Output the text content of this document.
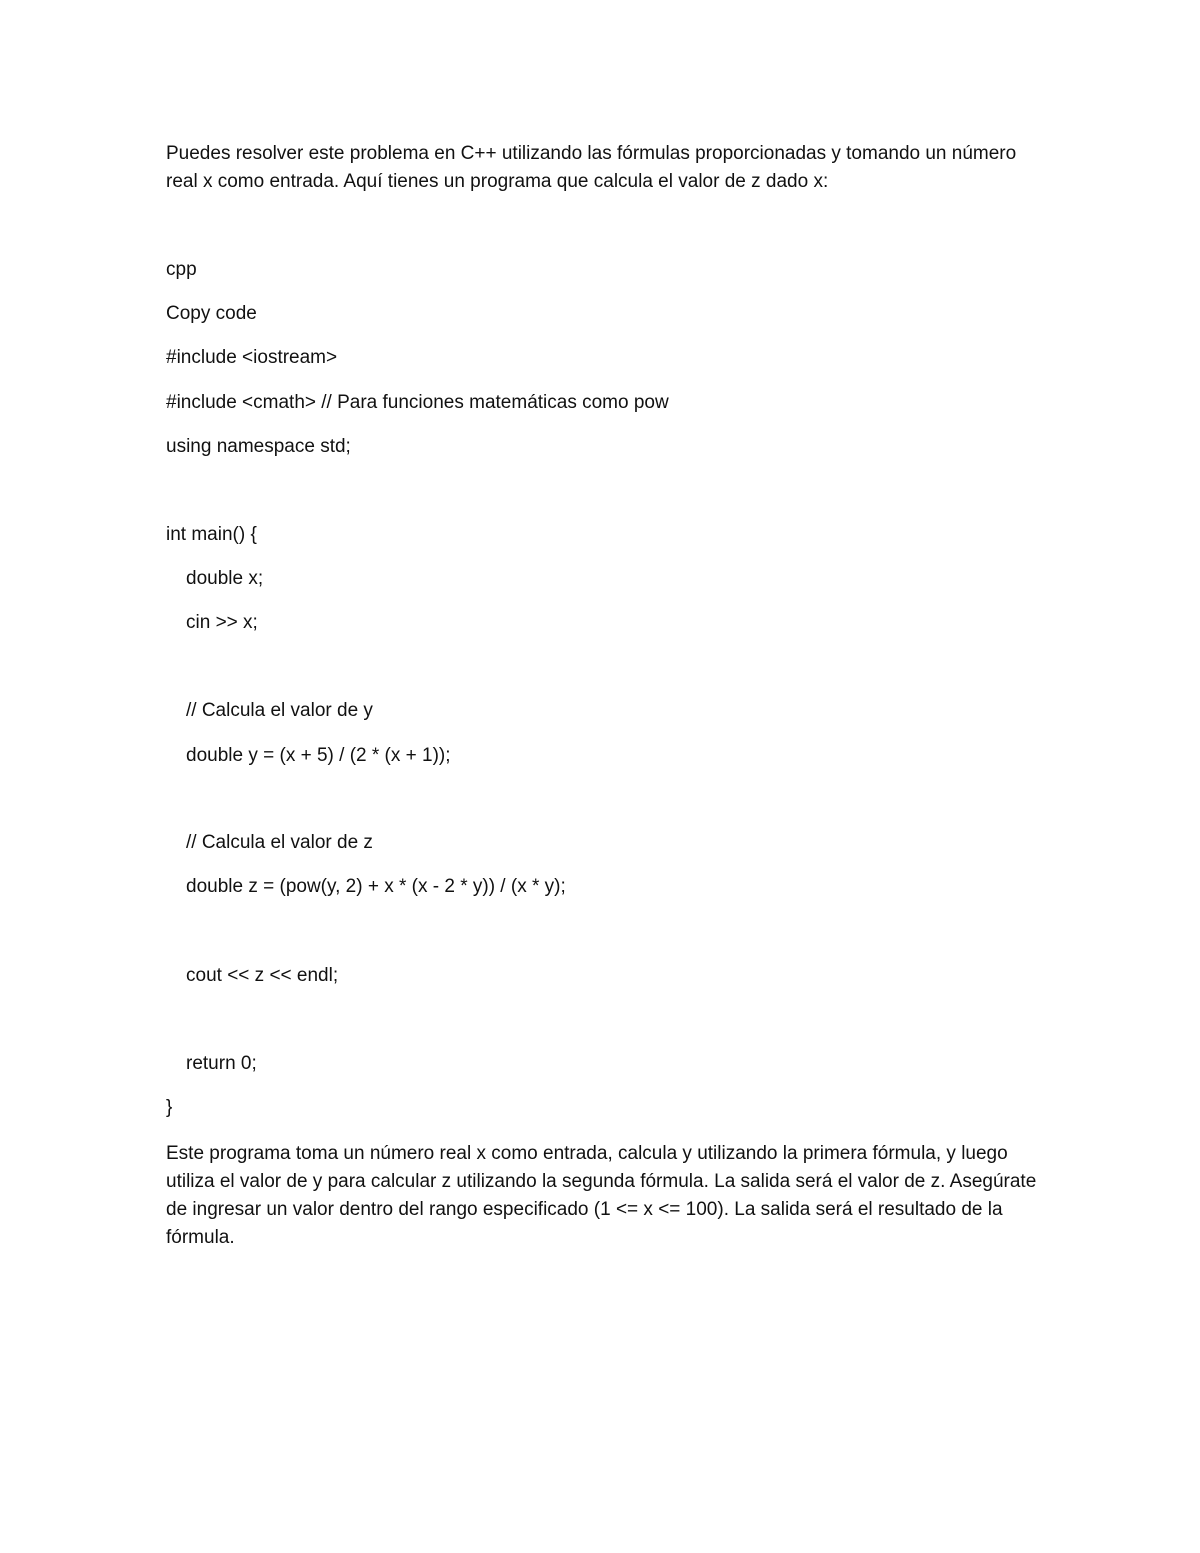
Puedes resolver este problema en C++ utilizando las fórmulas proporcionadas y tomando un número real x como entrada. Aquí tienes un programa que calcula el valor de z dado x:

cpp
Copy code
#include <iostream>
#include <cmath> // Para funciones matemáticas como pow
using namespace std;
int main() {
double x;
cin >> x;
// Calcula el valor de y
double y = (x + 5) / (2 * (x + 1));
// Calcula el valor de z
double z = (pow(y, 2) + x * (x - 2 * y)) / (x * y);
cout << z << endl;
return 0;
}

Este programa toma un número real x como entrada, calcula y utilizando la primera fórmula, y luego utiliza el valor de y para calcular z utilizando la segunda fórmula. La salida será el valor de z. Asegúrate de ingresar un valor dentro del rango especificado (1 <= x <= 100). La salida será el resultado de la fórmula.
